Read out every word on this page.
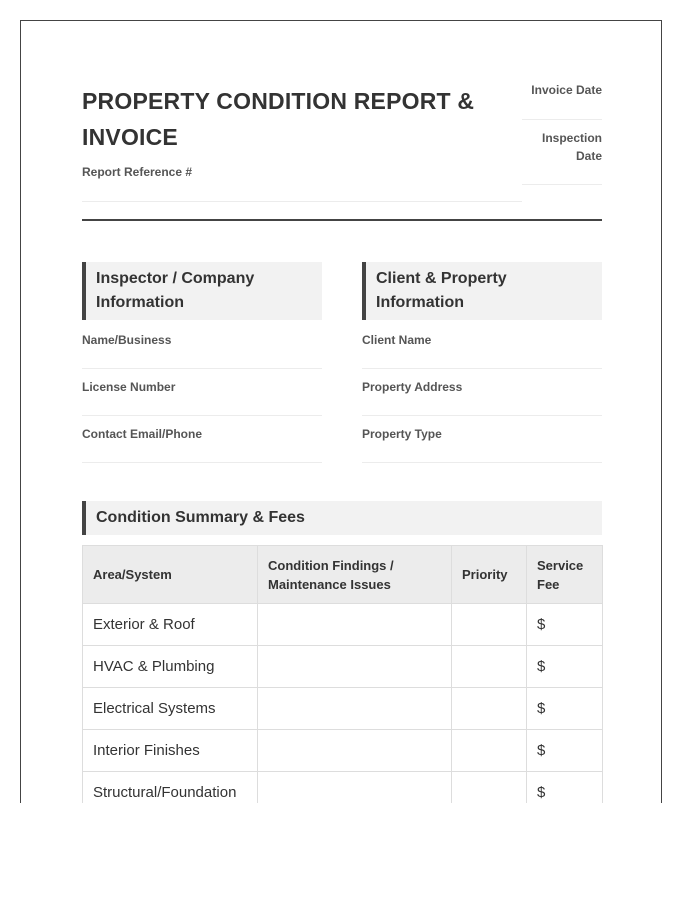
PROPERTY CONDITION REPORT & INVOICE
Report Reference #
Invoice Date
Inspection Date
Inspector / Company Information
Name/Business
License Number
Contact Email/Phone
Client & Property Information
Client Name
Property Address
Property Type
Condition Summary & Fees
Area/System	Condition Findings / Maintenance Issues	Priority	Service Fee
Exterior & Roof			$
HVAC & Plumbing			$
Electrical Systems			$
Interior Finishes			$
Structural/Foundation			$
